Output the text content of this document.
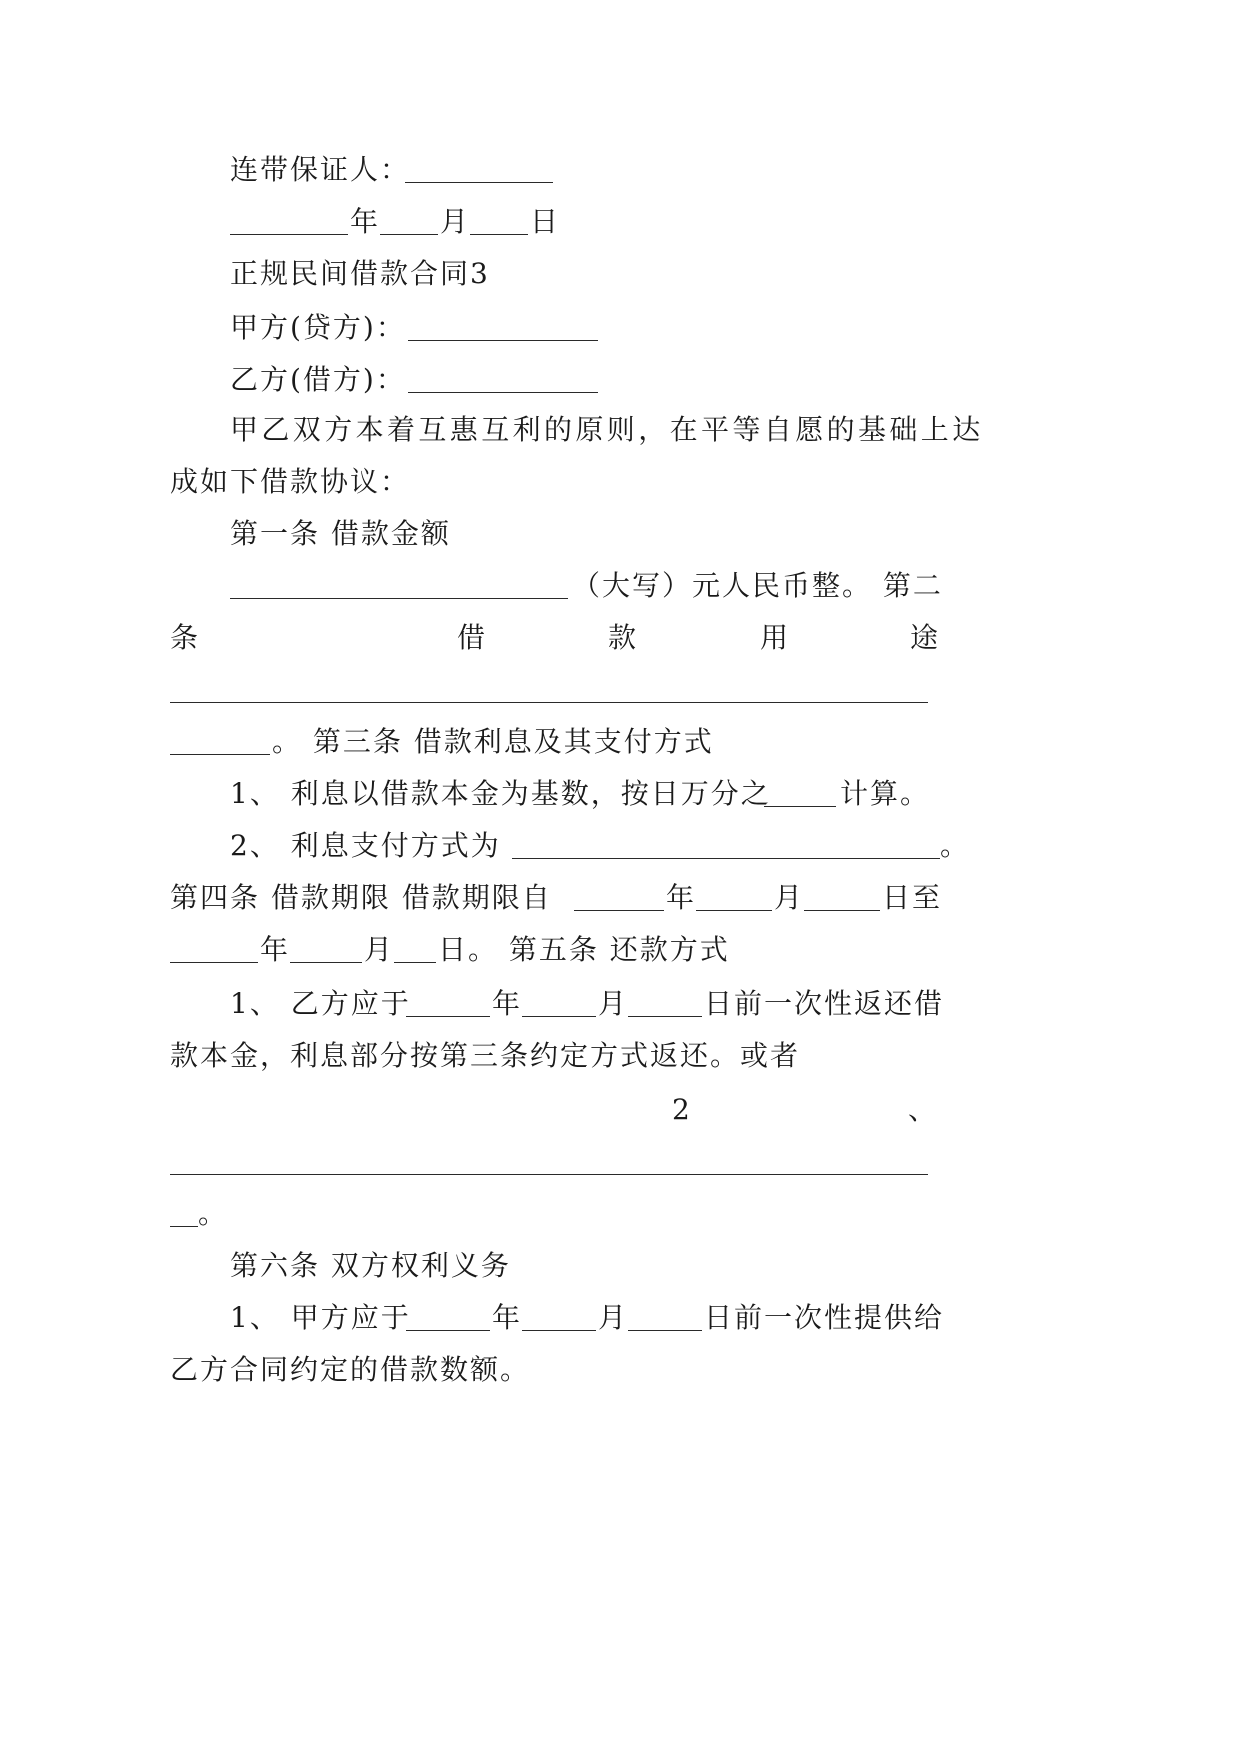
连带保证人：
年 月 日
正规民间借款合同3
甲方(贷方)：
乙方(借方)：
甲乙双方本着互惠互利的原则，在平等自愿的基础上达
成如下借款协议：
第一条 借款金额
（大写）元人民币整。 第二
条	借	款	用	途
。 第三条 借款利息及其支付方式
1、 利息以借款本金为基数，按日万分之 计算。
2、 利息支付方式为	。
第四条 借款期限 借款期限自	年	月	日至
年	月 日。 第五条 还款方式
1、 乙方应于	年	月	日前一次性返还借
款本金，利息部分按第三条约定方式返还。或者
2	、
。
第六条 双方权利义务
1、 甲方应于	年	月	日前一次性提供给
乙方合同约定的借款数额。
